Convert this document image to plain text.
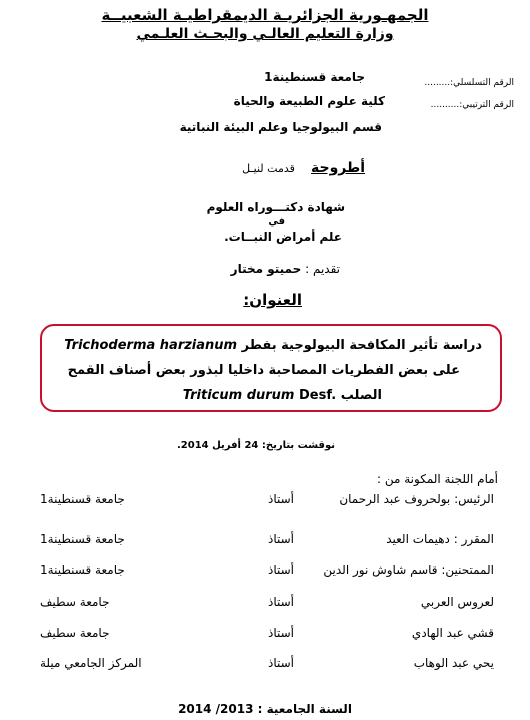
الجمهـورية الجزائريـة الديمقراطيـة الشعبيــة
وزارة التعليم العالـي والبحـث العلـمي
جامعة قسنطينة1
كلية علوم الطبيعة والحياة
قسم البيولوجيا وعلم البيئة النباتية
الرقم التسلسلي:.........
الرقم الترتيبي:..........
أطروحة قدمت لنيـل
شهادة دكتـــوراه العلوم
في
علم أمراض النبــات.
تقديم : حميتو مختار
العنوان:
دراسة تأثير المكافحة البيولوجية بفطر Trichoderma harzianum
على بعض الفطريات المصاحبة داخليا لبذور بعض أصناف القمح
الصلب Triticum durum Desf.
نوقشت بتاريخ: 24 أفريل 2014.
أمام اللجنة المكونة من :
الرئيس: بولحروف عبد الرحمان
أستاذ
جامعة قسنطينة1
المقرر : دهيمات العيد
أستاذ
جامعة قسنطينة1
الممتحنين: قاسم شاوش نور الدين
أستاذ
جامعة قسنطينة1
لعروس العربي
أستاذ
جامعة سطيف
قشي عبد الهادي
أستاذ
جامعة سطيف
يحي عبد الوهاب
أستاذ
المركز الجامعي ميلة
السنة الجامعية : 2013/ 2014
